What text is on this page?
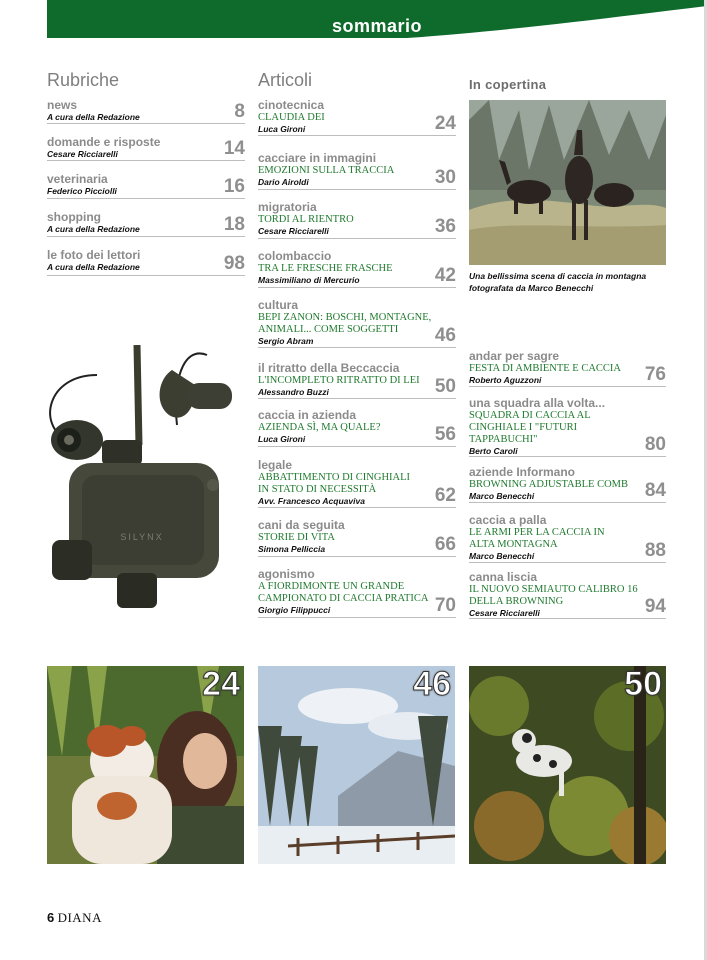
sommario
Rubriche	Articoli	In copertina
news
A cura della Redazione	8
domande e risposte
Cesare Ricciarelli	14
veterinaria
Federico Picciolli	16
shopping
A cura della Redazione	18
le foto dei lettori
A cura della Redazione	98
SILYNX
cinotecnica
CLAUDIA DEI
Luca Gironi	24
cacciare in immagini
EMOZIONI SULLA TRACCIA
Dario Airoldi	30
migratoria
TORDI AL RIENTRO
Cesare Ricciarelli	36
colombaccio
TRA LE FRESCHE FRASCHE
Massimiliano di Mercurio	42
cultura
BEPI ZANON: BOSCHI, MONTAGNE, ANIMALI... COME SOGGETTI
Sergio Abram	46
il ritratto della Beccaccia
L'INCOMPLETO RITRATTO DI LEI
Alessandro Buzzi	50
caccia in azienda
AZIENDA SÌ, MA QUALE?
Luca Gironi	56
legale
ABBATTIMENTO DI CINGHIALI IN STATO DI NECESSITÀ
Avv. Francesco Acquaviva	62
cani da seguita
STORIE DI VITA
Simona Pelliccia	66
agonismo
A FIORDIMONTE UN GRANDE CAMPIONATO DI CACCIA PRATICA
Giorgio Filippucci	70
Una bellissima scena di caccia in montagna fotografata da Marco Benecchi
andar per sagre
FESTA DI AMBIENTE E CACCIA
Roberto Aguzzoni	76
una squadra alla volta...
SQUADRA DI CACCIA AL CINGHIALE I "FUTURI TAPPABUCHI"
Berto Caroli	80
aziende Informano
BROWNING ADJUSTABLE COMB
Marco Benecchi	84
caccia a palla
LE ARMI PER LA CACCIA IN ALTA MONTAGNA
Marco Benecchi	88
canna liscia
IL NUOVO SEMIAUTO CALIBRO 16 DELLA BROWNING
Cesare Ricciarelli	94
24	46	50
6 DIANA
